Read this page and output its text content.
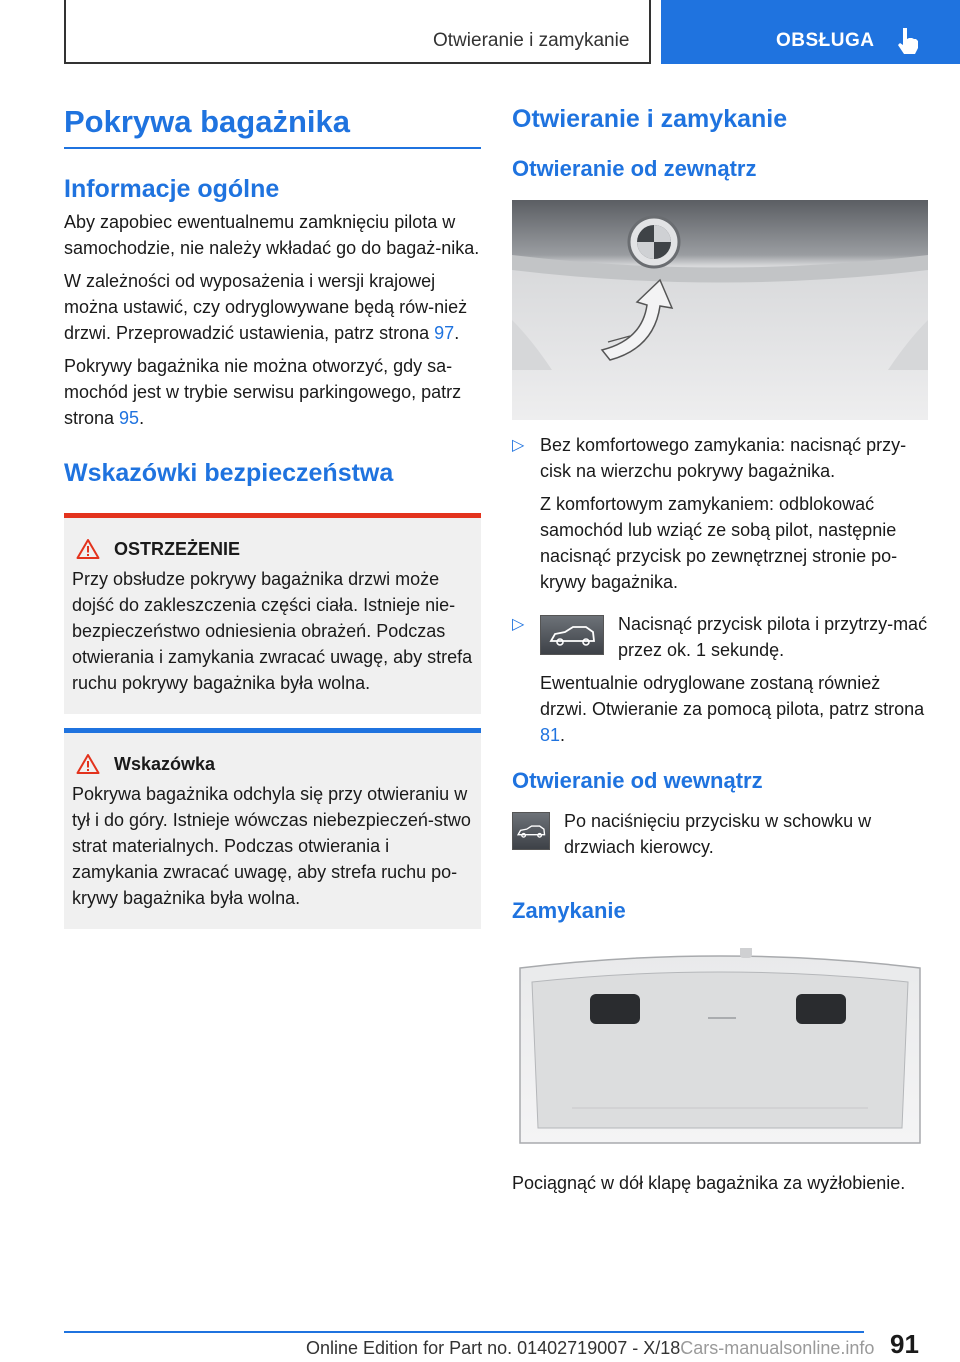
Otwieranie i zamykanie	OBSŁUGA
Pokrywa bagażnika
Informacje ogólne

Aby zapobiec ewentualnemu zamknięciu pilota w samochodzie, nie należy wkładać go do bagaż-nika.

W zależności od wyposażenia i wersji krajowej można ustawić, czy odryglowywane będą rów-nież drzwi. Przeprowadzić ustawienia, patrz strona 97.

Pokrywy bagażnika nie można otworzyć, gdy sa-mochód jest w trybie serwisu parkingowego, patrz strona 95.

Wskazówki bezpieczeństwa
OSTRZEŻENIE

Przy obsłudze pokrywy bagażnika drzwi może dojść do zakleszczenia części ciała. Istnieje nie-bezpieczeństwo odniesienia obrażeń. Podczas otwierania i zamykania zwracać uwagę, aby strefa ruchu pokrywy bagażnika była wolna.

Wskazówka

Pokrywa bagażnika odchyla się przy otwieraniu w tył i do góry. Istnieje wówczas niebezpieczeń-stwo strat materialnych. Podczas otwierania i zamykania zwracać uwagę, aby strefa ruchu po-krywy bagażnika była wolna.

Otwieranie i zamykanie
Otwieranie od zewnątrz
▷ Bez komfortowego zamykania: nacisnąć przy-cisk na wierzchu pokrywy bagażnika.

Z komfortowym zamykaniem: odblokować samochód lub wziąć ze sobą pilot, następnie nacisnąć przycisk po zewnętrznej stronie po-krywy bagażnika.

▷	Nacisnąć przycisk pilota i przytrzy-mać przez ok. 1 sekundę.

Ewentualnie odryglowane zostaną również drzwi. Otwieranie za pomocą pilota, patrz strona 81.

Otwieranie od wewnątrz

Po naciśnięciu przycisku w schowku w drzwiach kierowcy.

Zamykanie

Pociągnąć w dół klapę bagażnika za wyżłobienie.

91
Online Edition for Part no. 01402719007 - X/18Cars-manualsonline.info
